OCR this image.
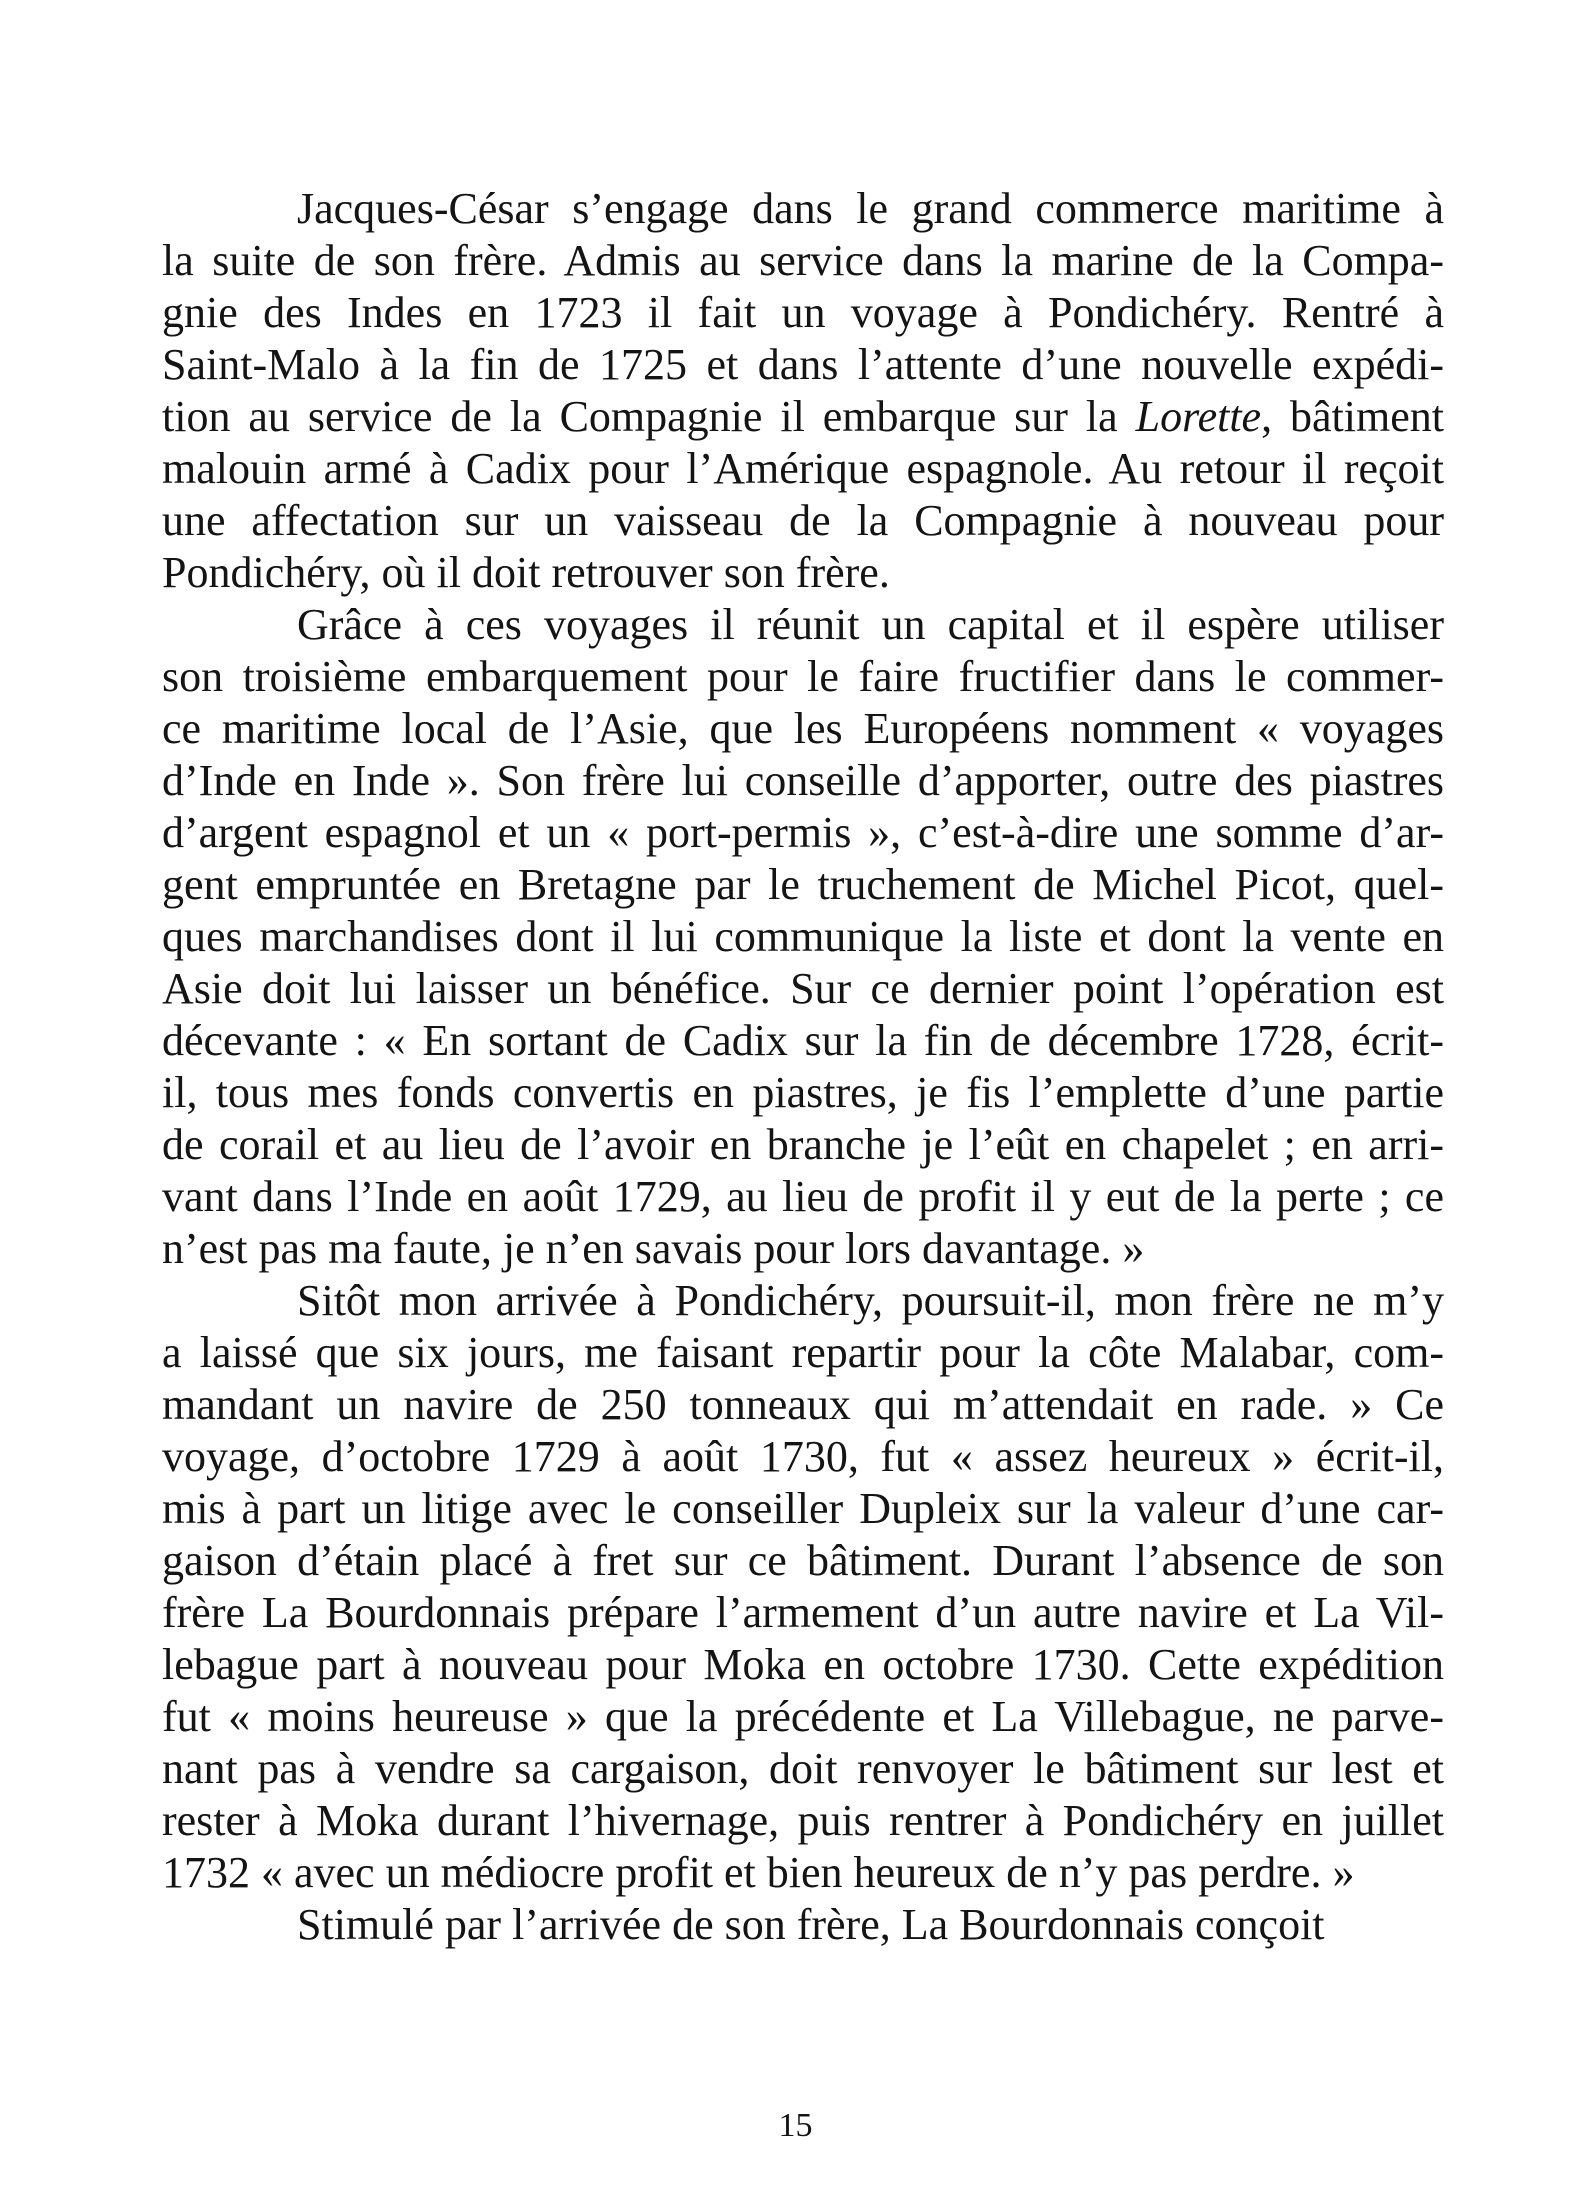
Jacques-César s’engage dans le grand commerce maritime à
la suite de son frère. Admis au service dans la marine de la Compa-
gnie des Indes en 1723 il fait un voyage à Pondichéry. Rentré à
Saint-Malo à la fin de 1725 et dans l’attente d’une nouvelle expédi-
tion au service de la Compagnie il embarque sur la Lorette, bâtiment
malouin armé à Cadix pour l’Amérique espagnole. Au retour il reçoit
une affectation sur un vaisseau de la Compagnie à nouveau pour
Pondichéry, où il doit retrouver son frère.
Grâce à ces voyages il réunit un capital et il espère utiliser
son troisième embarquement pour le faire fructifier dans le commer-
ce maritime local de l’Asie, que les Européens nomment « voyages
d’Inde en Inde ». Son frère lui conseille d’apporter, outre des piastres
d’argent espagnol et un « port-permis », c’est-à-dire une somme d’ar-
gent empruntée en Bretagne par le truchement de Michel Picot, quel-
ques marchandises dont il lui communique la liste et dont la vente en
Asie doit lui laisser un bénéfice. Sur ce dernier point l’opération est
décevante : « En sortant de Cadix sur la fin de décembre 1728, écrit-
il, tous mes fonds convertis en piastres, je fis l’emplette d’une partie
de corail et au lieu de l’avoir en branche je l’eût en chapelet ; en arri-
vant dans l’Inde en août 1729, au lieu de profit il y eut de la perte ; ce
n’est pas ma faute, je n’en savais pour lors davantage. »
Sitôt mon arrivée à Pondichéry, poursuit-il, mon frère ne m’y
a laissé que six jours, me faisant repartir pour la côte Malabar, com-
mandant un navire de 250 tonneaux qui m’attendait en rade. » Ce
voyage, d’octobre 1729 à août 1730, fut « assez heureux » écrit-il,
mis à part un litige avec le conseiller Dupleix sur la valeur d’une car-
gaison d’étain placé à fret sur ce bâtiment. Durant l’absence de son
frère La Bourdonnais prépare l’armement d’un autre navire et La Vil-
lebague part à nouveau pour Moka en octobre 1730. Cette expédition
fut « moins heureuse » que la précédente et La Villebague, ne parve-
nant pas à vendre sa cargaison, doit renvoyer le bâtiment sur lest et
rester à Moka durant l’hivernage, puis rentrer à Pondichéry en juillet
1732 « avec un médiocre profit et bien heureux de n’y pas perdre. »
Stimulé par l’arrivée de son frère, La Bourdonnais conçoit
15
